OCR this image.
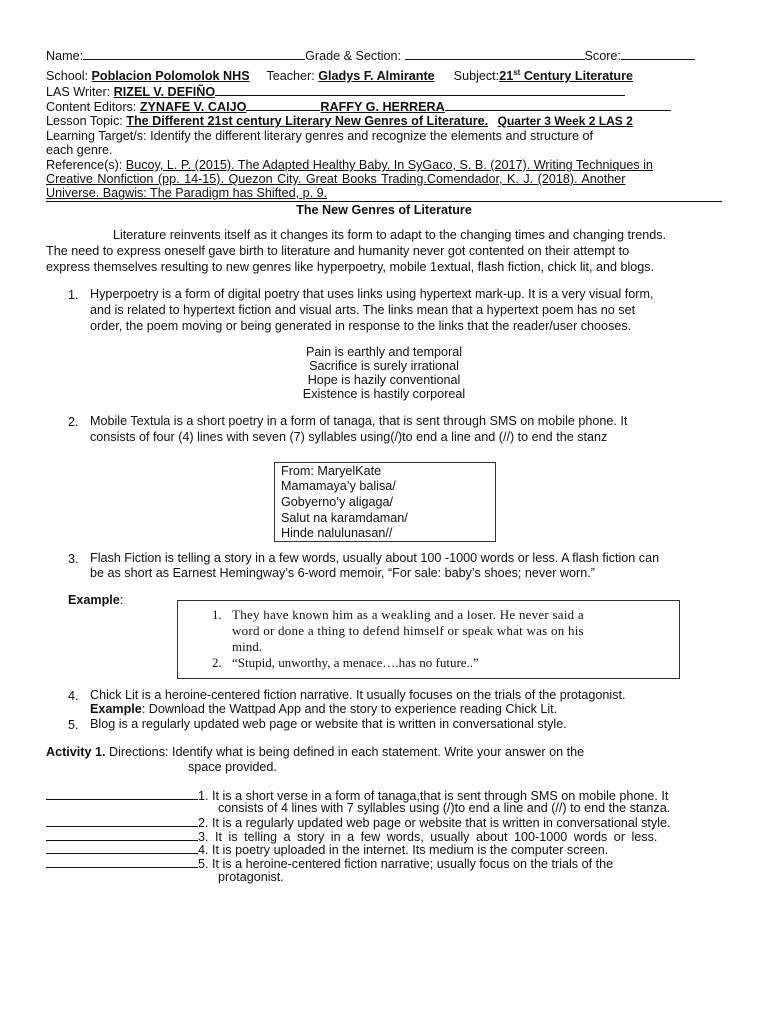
Name:	Grade & Section:	Score:
School: Poblacion Polomolok NHS Teacher: Gladys F. Almirante Subject:21st Century Literature
LAS Writer: RIZEL V. DEFIÑO
Content Editors: ZYNAFE V. CAIJO	RAFFY G. HERRERA
Lesson Topic: The Different 21st century Literary New Genres of Literature. Quarter 3 Week 2 LAS 2
Learning Target/s: Identify the different literary genres and recognize the elements and structure of
each genre.
Reference(s): Bucoy, L. P. (2015). The Adapted Healthy Baby. In SyGaco, S. B. (2017). Writing Techniques in
Creative Nonfiction (pp. 14-15). Quezon City. Great Books Trading.Comendador, K. J. (2018). Another
Universe. Bagwis: The Paradigm has Shifted, p. 9.
The New Genres of Literature
Literature reinvents itself as it changes its form to adapt to the changing times and changing trends.
The need to express oneself gave birth to literature and humanity never got contented on their attempt to
express themselves resulting to new genres like hyperpoetry, mobile 1extual, flash fiction, chick lit, and blogs.
1. Hyperpoetry is a form of digital poetry that uses links using hypertext mark-up. It is a very visual form,
and is related to hypertext fiction and visual arts. The links mean that a hypertext poem has no set
order, the poem moving or being generated in response to the links that the reader/user chooses.
Pain is earthly and temporal
Sacrifice is surely irrational
Hope is hazily conventional
Existence is hastily corporeal
2. Mobile Textula is a short poetry in a form of tanaga, that is sent through SMS on mobile phone. It
consists of four (4) lines with seven (7) syllables using(/)to end a line and (//) to end the stanz
From: MaryelKate
Mamamaya’y balisa/
Gobyerno’y aligaga/
Salut na karamdaman/
Hinde nalulunasan//
3. Flash Fiction is telling a story in a few words, usually about 100 -1000 words or less. A flash fiction can
be as short as Earnest Hemingway’s 6-word memoir, “For sale: baby’s shoes; never worn.”
Example:
1. They have known him as a weakling and a loser. He never said a
word or done a thing to defend himself or speak what was on his
mind.
2. “Stupid, unworthy, a menace….has no future..”
4. Chick Lit is a heroine-centered fiction narrative. It usually focuses on the trials of the protagonist.
Example: Download the Wattpad App and the story to experience reading Chick Lit.
5. Blog is a regularly updated web page or website that is written in conversational style.
Activity 1. Directions: Identify what is being defined in each statement. Write your answer on the
space provided.
1. It is a short verse in a form of tanaga,that is sent through SMS on mobile phone. It
consists of 4 lines with 7 syllables using (/)to end a line and (//) to end the stanza.
2. It is a regularly updated web page or website that is written in conversational style.
3. It is telling a story in a few words, usually about 100-1000 words or less.
4. It is poetry uploaded in the internet. Its medium is the computer screen.
5. It is a heroine-centered fiction narrative; usually focus on the trials of the
protagonist.
